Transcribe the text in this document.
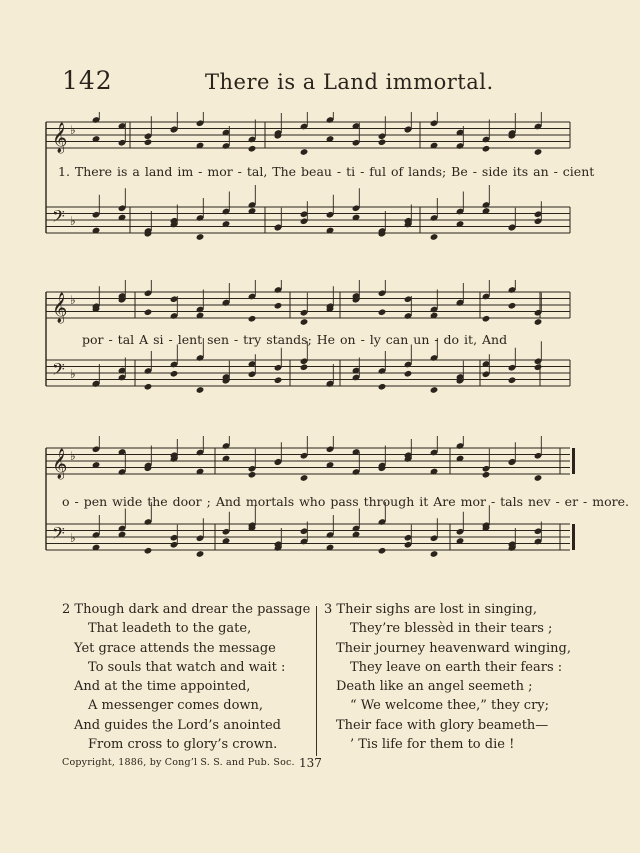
142	There is a Land immortal.
𝄞 ♭
𝄢 ♭
1. There is a land im - mor - tal, The beau - ti - ful of lands; Be - side its an - cient
𝄞 ♭
𝄢 ♭
por - tal A si - lent sen - try stands; He on - ly can un - do it, And
𝄞 ♭
𝄢 ♭
o - pen wide the door ; And mortals who pass through it Are mor - tals nev - er - more.
2 Though dark and drear the passage
That leadeth to the gate,
Yet grace attends the message
To souls that watch and wait :
And at the time appointed,
A messenger comes down,
And guides the Lord’s anointed
From cross to glory’s crown.
3 Their sighs are lost in singing,
They’re blessèd in their tears ;
Their journey heavenward winging,
They leave on earth their fears :
Death like an angel seemeth ;
“ We welcome thee,” they cry;
Their face with glory beameth—
’ Tis life for them to die !
Copyright, 1886, by Cong’l S. S. and Pub. Soc. 137
